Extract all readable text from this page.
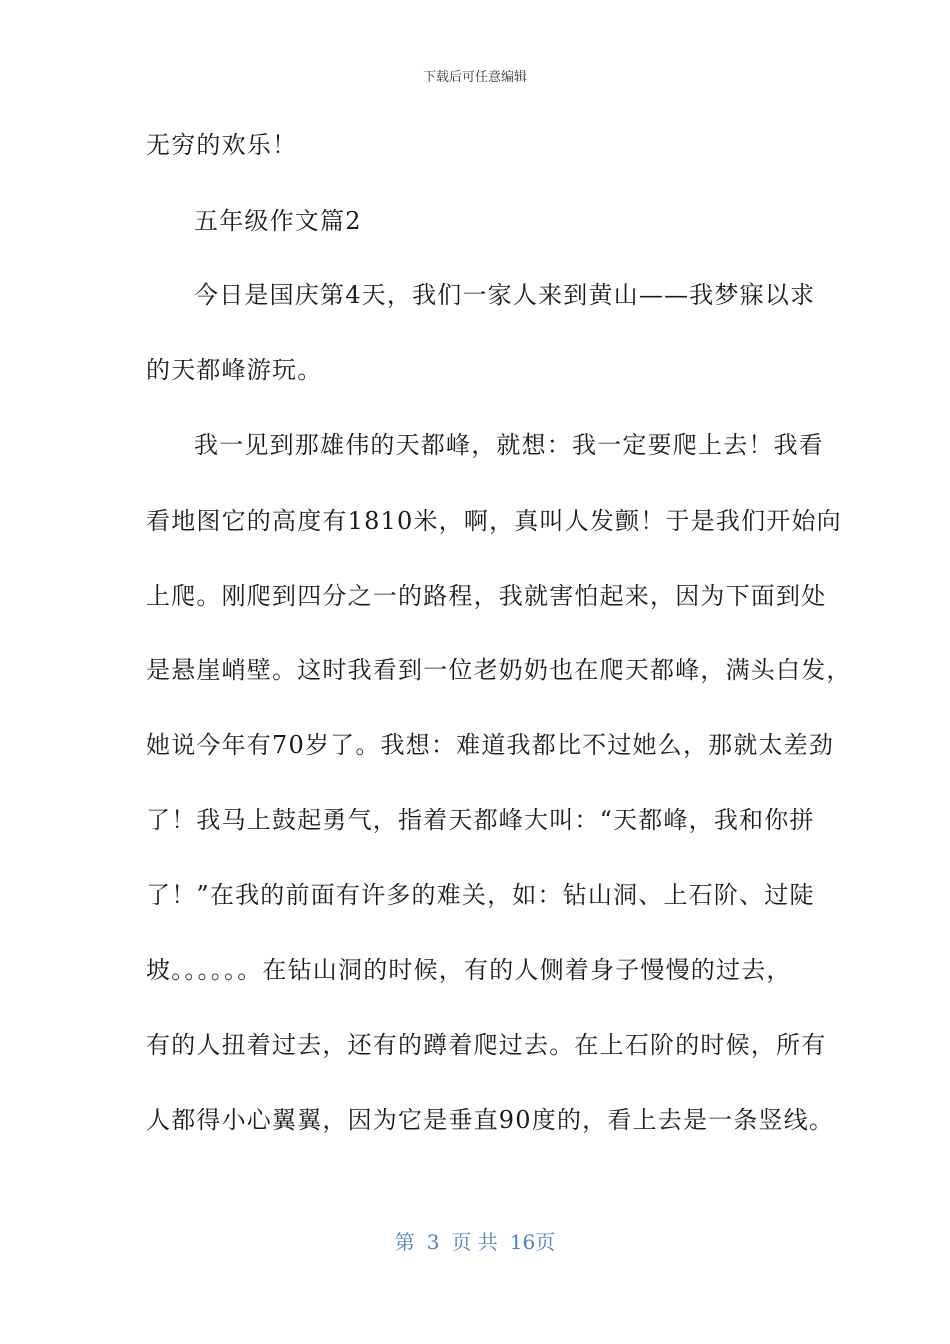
下载后可任意编辑
无穷的欢乐！
五年级作文篇2
今日是国庆第4天，我们一家人来到黄山——我梦寐以求
的天都峰游玩。
我一见到那雄伟的天都峰，就想：我一定要爬上去！我看
看地图它的高度有1810米，啊，真叫人发颤！于是我们开始向
上爬。刚爬到四分之一的路程，我就害怕起来，因为下面到处
是悬崖峭壁。这时我看到一位老奶奶也在爬天都峰，满头白发，
她说今年有70岁了。我想：难道我都比不过她么，那就太差劲
了！我马上鼓起勇气，指着天都峰大叫：“天都峰，我和你拼
了！”在我的前面有许多的难关，如：钻山洞、上石阶、过陡
坡。。。。。。在钻山洞的时候，有的人侧着身子慢慢的过去，
有的人扭着过去，还有的蹲着爬过去。在上石阶的时候，所有
人都得小心翼翼，因为它是垂直90度的，看上去是一条竖线。
第 3 页 共 16页
